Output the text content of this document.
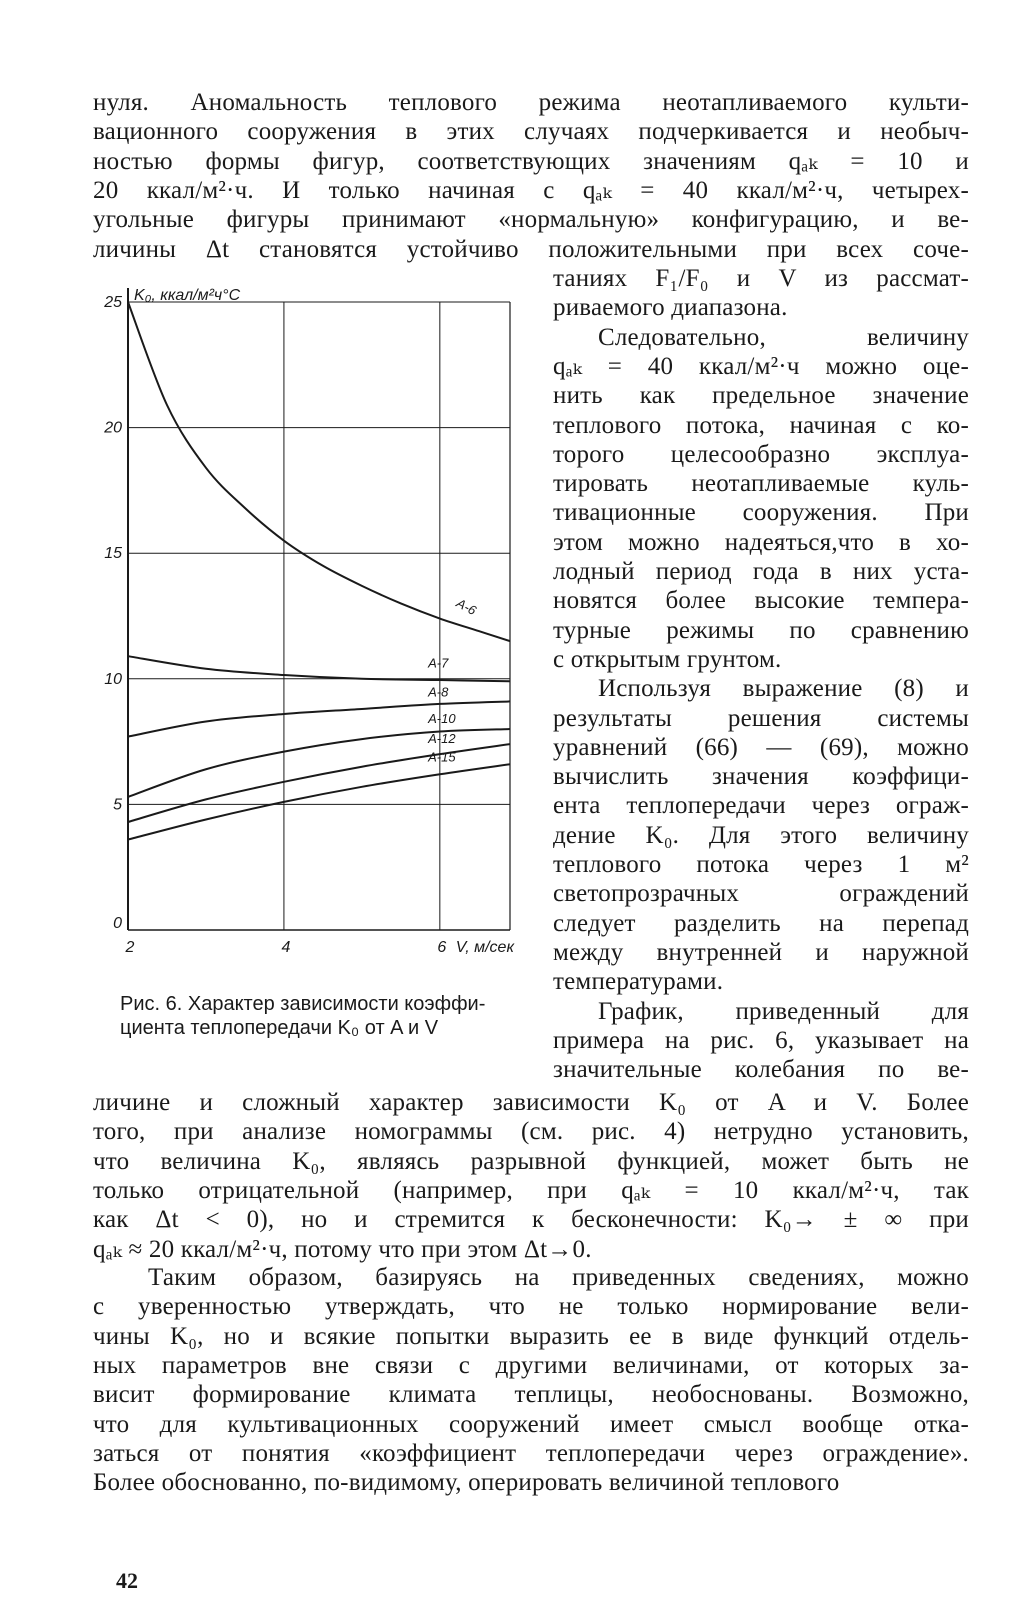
нуля. Аномальность теплового режима неотапливаемого культи-
вационного сооружения в этих случаях подчеркивается и необыч-
ностью формы фигур, соответствующих значениям qₐₖ = 10 и
20 ккал/м²·ч. И только начиная с qₐₖ = 40 ккал/м²·ч, четырех-
угольные фигуры принимают «нормальную» конфигурацию, и ве-
личины Δt становятся устойчиво положительными при всех соче-
таниях F₁/F₀ и V из рассмат-
риваемого диапазона.
Следовательно, величину
qₐₖ = 40 ккал/м²·ч можно оце-
нить как предельное значение
теплового потока, начиная с ко-
торого целесообразно эксплуа-
тировать неотапливаемые куль-
тивационные сооружения. При
этом можно надеяться,что в хо-
лодный период года в них уста-
новятся более высокие темпера-
турные режимы по сравнению
с открытым грунтом.
Используя выражение (8) и
результаты решения системы
уравнений (66) — (69), можно
вычислить значения коэффици-
ента теплопередачи через ограж-
дение K₀. Для этого величину
теплового потока через 1 м²
светопрозрачных ограждений
следует разделить на перепад
между внутренней и наружной
температурами.
График, приведенный для
примера на рис. 6, указывает на
значительные колебания по ве-
личине и сложный характер зависимости K₀ от A и V. Более
того, при анализе номограммы (см. рис. 4) нетрудно установить,
что величина K₀, являясь разрывной функцией, может быть не
только отрицательной (например, при qₐₖ = 10 ккал/м²·ч, так
как Δt < 0), но и стремится к бесконечности: K₀→ ± ∞ при
qₐₖ ≈ 20 ккал/м²·ч, потому что при этом Δt→0.
Таким образом, базируясь на приведенных сведениях, можно
с уверенностью утверждать, что не только нормирование вели-
чины K₀, но и всякие попытки выразить ее в виде функций отдель-
ных параметров вне связи с другими величинами, от которых за-
висит формирование климата теплицы, необоснованы. Возможно,
что для культивационных сооружений имеет смысл вообще отка-
заться от понятия «коэффициент теплопередачи через ограждение».
Более обоснованно, по-видимому, оперировать величиной теплового
0
5
10
15
20
25
2	4	6
K₀, ккал/м²ч°С
V, м/сек
A-6
A-7
A-8
A-10
A-12
A-15
Рис. 6. Характер зависимости коэффи-
циента теплопередачи K₀ от A и V
42
